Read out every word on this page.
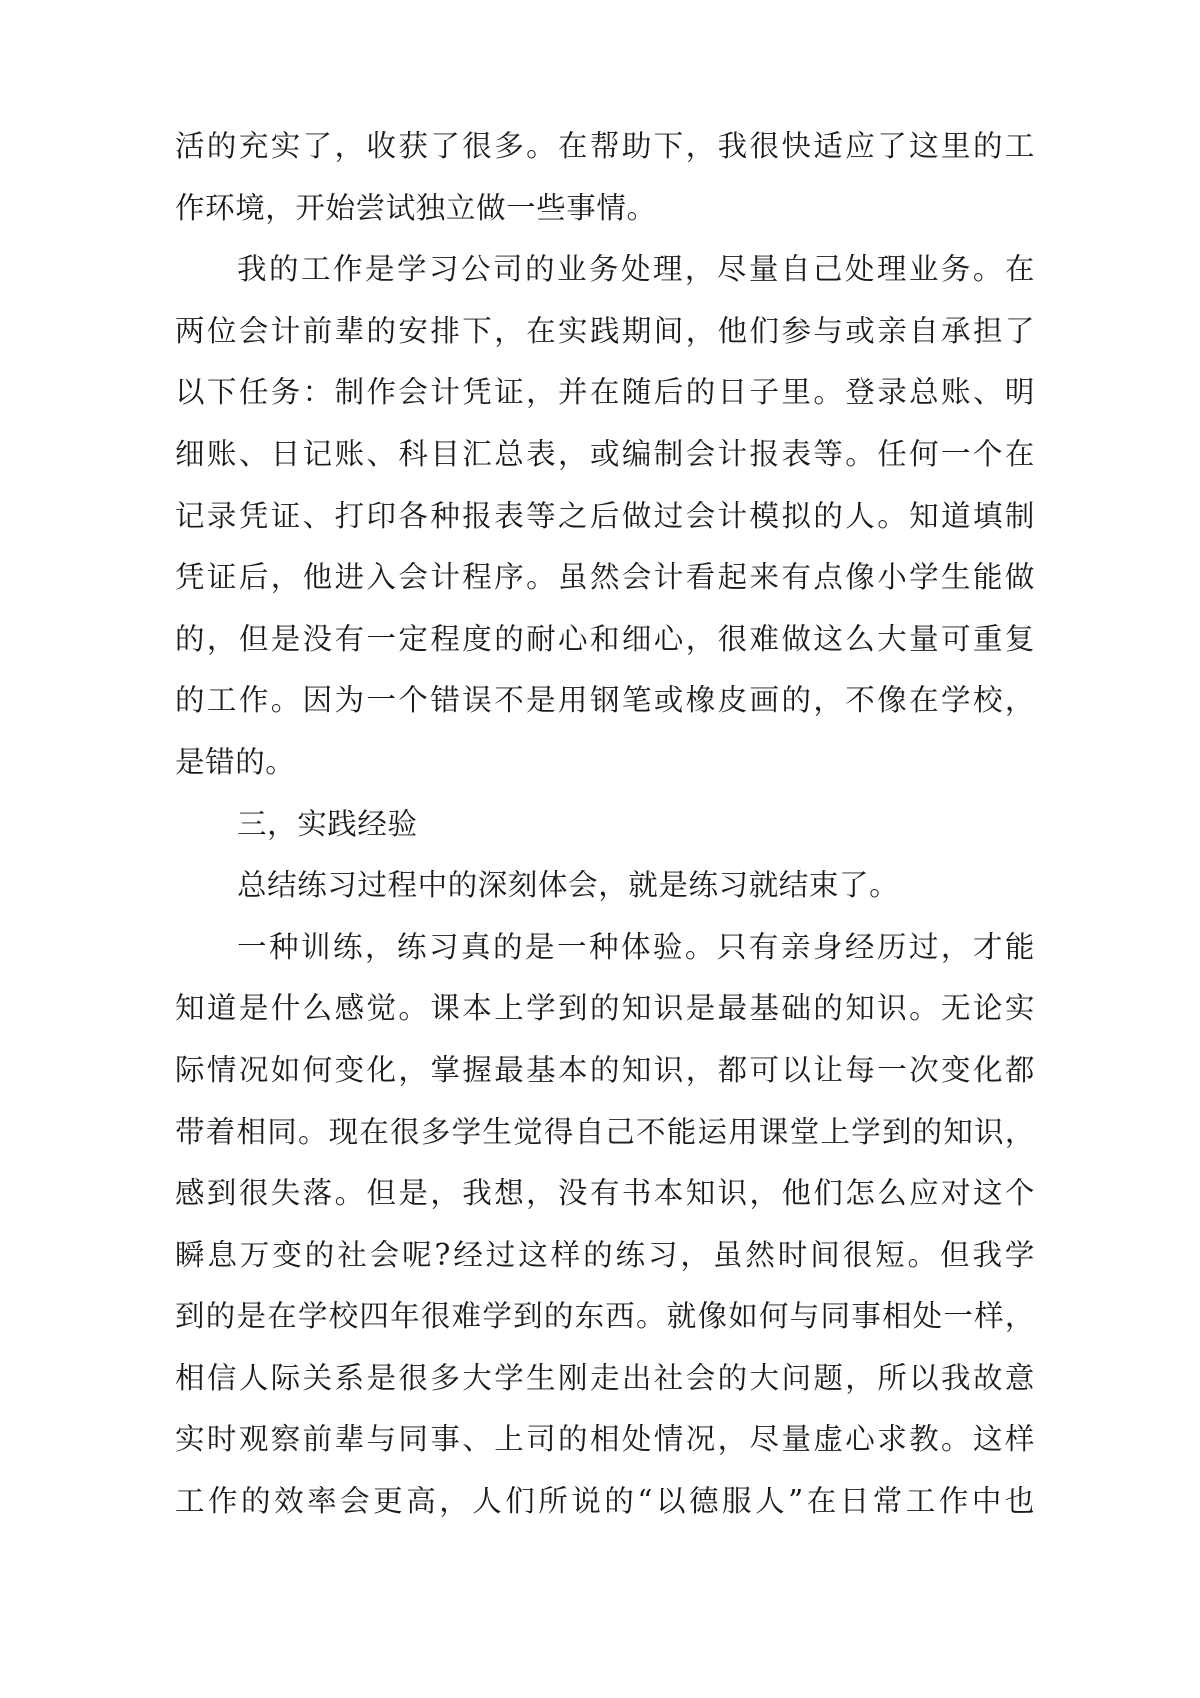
活的充实了，收获了很多。在帮助下，我很快适应了这里的工
作环境，开始尝试独立做一些事情。
我的工作是学习公司的业务处理，尽量自己处理业务。在
两位会计前辈的安排下，在实践期间，他们参与或亲自承担了
以下任务：制作会计凭证，并在随后的日子里。登录总账、明
细账、日记账、科目汇总表，或编制会计报表等。任何一个在
记录凭证、打印各种报表等之后做过会计模拟的人。知道填制
凭证后，他进入会计程序。虽然会计看起来有点像小学生能做
的，但是没有一定程度的耐心和细心，很难做这么大量可重复
的工作。因为一个错误不是用钢笔或橡皮画的，不像在学校，
是错的。
三，实践经验
总结练习过程中的深刻体会，就是练习就结束了。
一种训练，练习真的是一种体验。只有亲身经历过，才能
知道是什么感觉。课本上学到的知识是最基础的知识。无论实
际情况如何变化，掌握最基本的知识，都可以让每一次变化都
带着相同。现在很多学生觉得自己不能运用课堂上学到的知识，
感到很失落。但是，我想，没有书本知识，他们怎么应对这个
瞬息万变的社会呢?经过这样的练习，虽然时间很短。但我学
到的是在学校四年很难学到的东西。就像如何与同事相处一样，
相信人际关系是很多大学生刚走出社会的大问题，所以我故意
实时观察前辈与同事、上司的相处情况，尽量虚心求教。这样
工作的效率会更高，人们所说的“以德服人”在日常工作中也
